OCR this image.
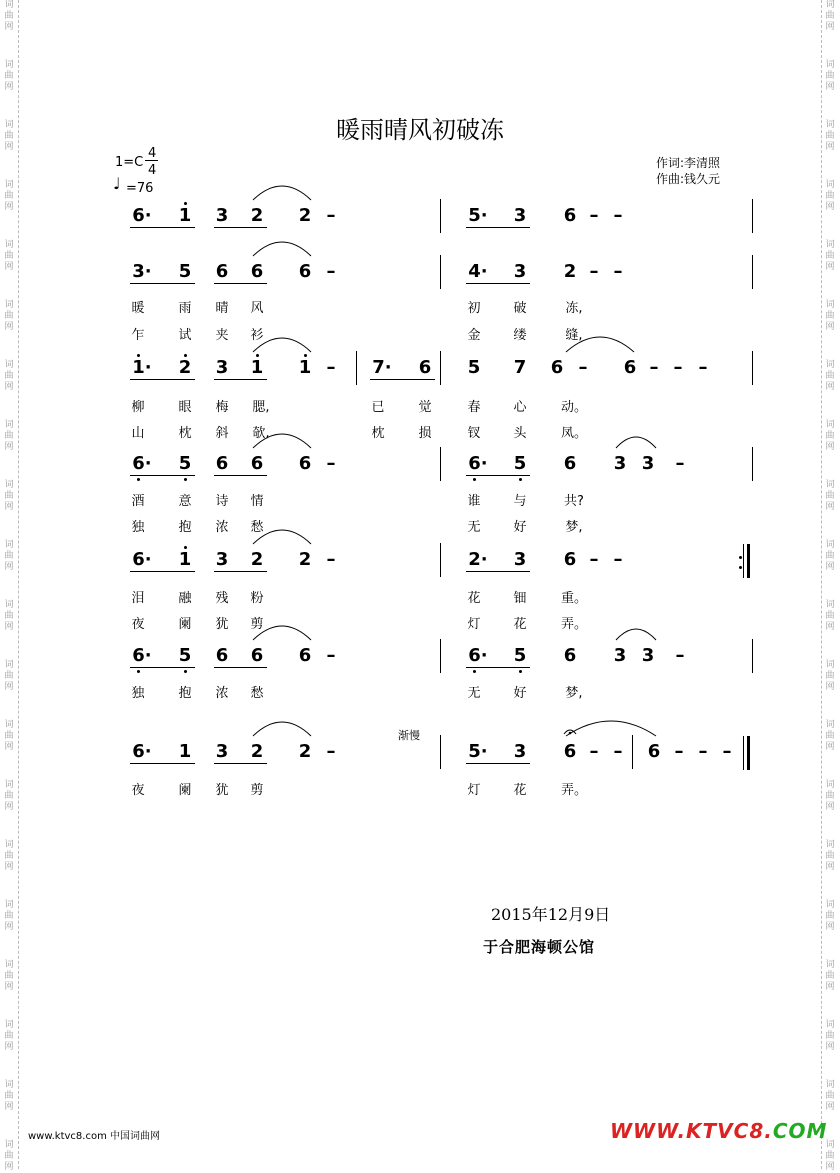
词
曲
网
词
曲
网
词
曲
网
词
曲
网
词
曲
网
词
曲
网
词
曲
网
词
曲
网
词
曲
网
词
曲
网
词
曲
网
词
曲
网
词
曲
网
词
曲
网
词
曲
网
词
曲
网
词
曲
网
词
曲
网
词
曲
网
词
曲
网
词
曲
网
词
曲
网
词
曲
网
词
曲
网
词
曲
网
词
曲
网
词
曲
网
词
曲
网
词
曲
网
词
曲
网
词
曲
网
词
曲
网
词
曲
网
词
曲
网
词
曲
网
词
曲
网
词
曲
网
词
曲
网
词
曲
网
词
曲
网
暖雨晴风初破冻
1=C
4
4
♩ =76
作词:李清照
作曲:钱久元
6· 1 3 2 2 –	5· 3 6 – –
3· 5 6 6 6 –	4· 3 2 – –
暖	雨 晴 风	初	破	冻,
乍	试 夹 衫	金	缕	缝,
1· 2 3 1 1 – 7· 6 5 7 6 – 6 – – –
柳	眼 梅 腮,	已	觉	春	心	动。
山	枕 斜 欹,	枕	损	钗	头	凤。
6· 5 6 6 6 –	6· 5 6 3 3 –
酒	意 诗 情	谁	与	共?
独	抱 浓 愁	无	好	梦,
6· 1 3 2 2 –	2· 3 6 – –
泪	融 残 粉	花	钿	重。
夜	阑 犹 剪	灯	花	弄。
6· 5 6 6 6 –	6· 5 6 3 3 –
独	抱 浓 愁	无	好	梦,
6· 1 3 2 2 –	5· 3 6 – – 6 – – –
夜	阑 犹 剪	灯	花	弄。
渐慢
2015年12月9日
于合肥海顿公馆
www.ktvc8.com 中国词曲网	WWW.KTVC8.COM
